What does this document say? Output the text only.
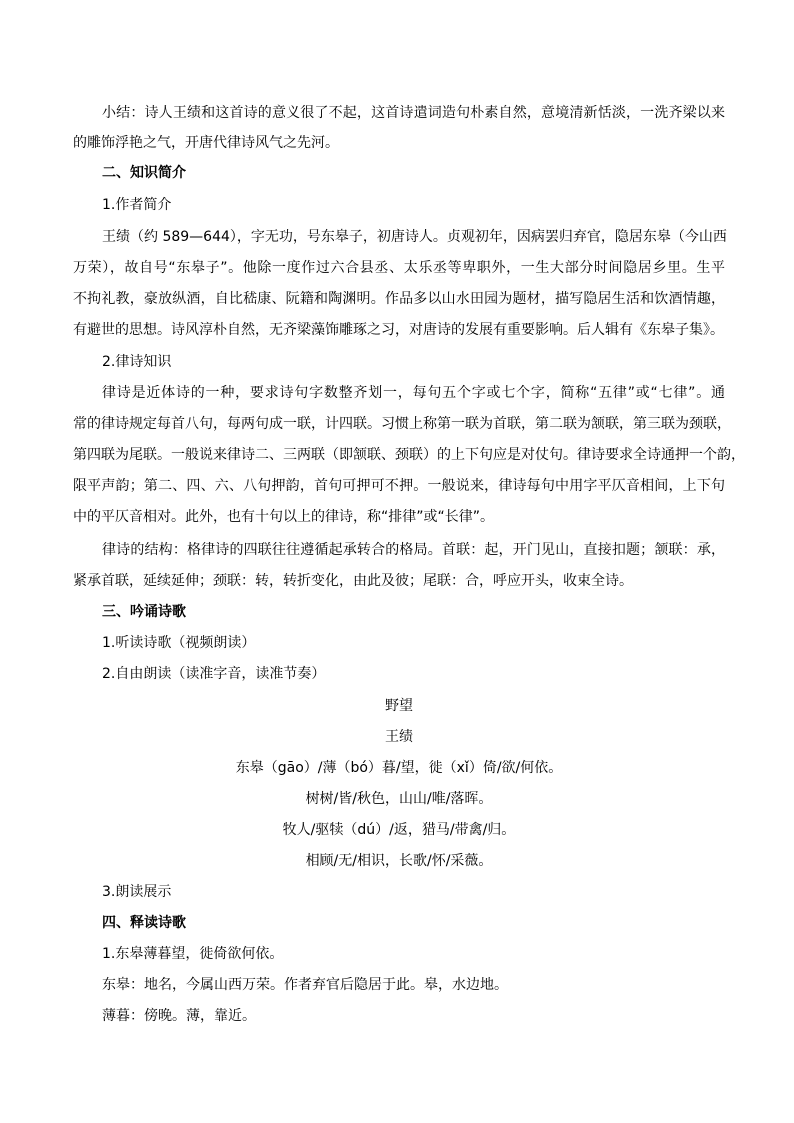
小结：诗人王绩和这首诗的意义很了不起，这首诗遣词造句朴素自然，意境清新恬淡，一洗齐梁以来
的雕饰浮艳之气，开唐代律诗风气之先河。
二、知识简介
1.作者简介
王绩（约 589—644），字无功，号东皋子，初唐诗人。贞观初年，因病罢归弃官，隐居东皋（今山西
万荣），故自号“东皋子”。他除一度作过六合县丞、太乐丞等卑职外，一生大部分时间隐居乡里。生平
不拘礼教，豪放纵酒，自比嵇康、阮籍和陶渊明。作品多以山水田园为题材，描写隐居生活和饮酒情趣，
有避世的思想。诗风淳朴自然，无齐梁藻饰雕琢之习，对唐诗的发展有重要影响。后人辑有《东皋子集》。
2.律诗知识
律诗是近体诗的一种，要求诗句字数整齐划一，每句五个字或七个字，简称“五律”或“七律”。通
常的律诗规定每首八句，每两句成一联，计四联。习惯上称第一联为首联，第二联为颔联，第三联为颈联，
第四联为尾联。一般说来律诗二、三两联（即颔联、颈联）的上下句应是对仗句。律诗要求全诗通押一个韵，
限平声韵；第二、四、六、八句押韵，首句可押可不押。一般说来，律诗每句中用字平仄音相间，上下句
中的平仄音相对。此外，也有十句以上的律诗，称“排律”或“长律”。
律诗的结构：格律诗的四联往往遵循起承转合的格局。首联：起，开门见山，直接扣题；颔联：承，
紧承首联，延续延伸；颈联：转，转折变化，由此及彼；尾联：合，呼应开头，收束全诗。
三、吟诵诗歌
1.听读诗歌（视频朗读）
2.自由朗读（读准字音，读准节奏）
野望
王绩
东皋（gāo）/薄（bó）暮/望，徙（xǐ）倚/欲/何依。
树树/皆/秋色，山山/唯/落晖。
牧人/驱犊（dú）/返，猎马/带禽/归。
相顾/无/相识，长歌/怀/采薇。
3.朗读展示
四、释读诗歌
1.东皋薄暮望，徙倚欲何依。
东皋：地名，今属山西万荣。作者弃官后隐居于此。皋，水边地。
薄暮：傍晚。薄，靠近。
